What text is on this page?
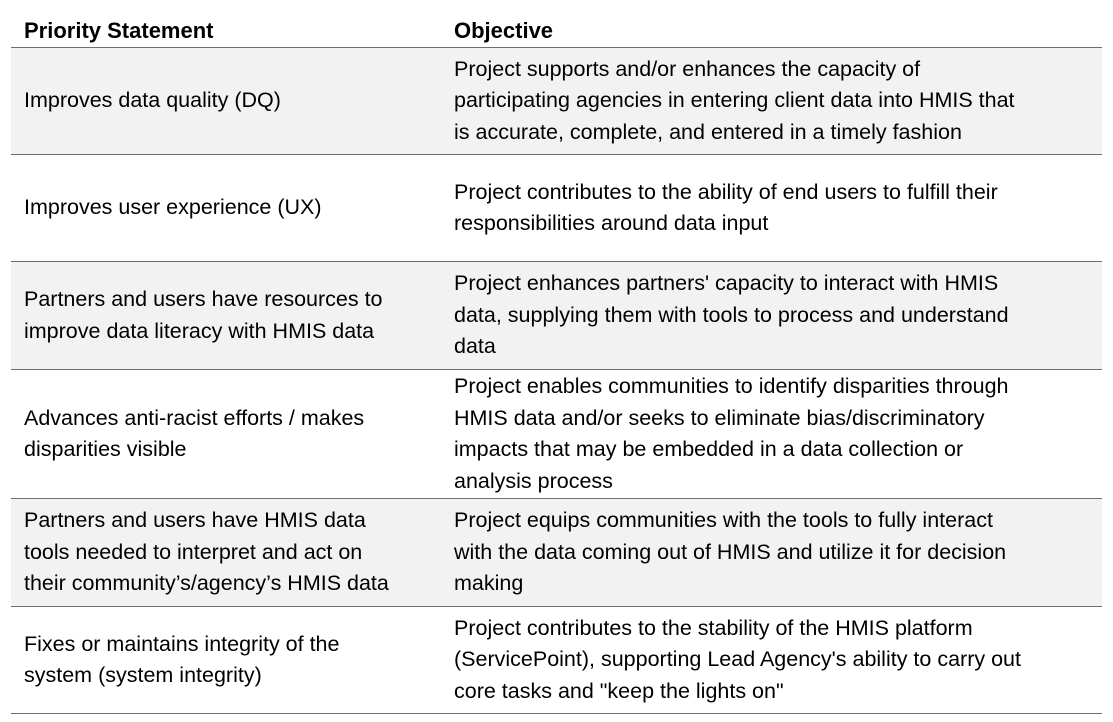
Priority Statement	Objective
Improves data quality (DQ)
Project supports and/or enhances the capacity of
participating agencies in entering client data into HMIS that
is accurate, complete, and entered in a timely fashion
Improves user experience (UX)
Project contributes to the ability of end users to fulfill their
responsibilities around data input
Partners and users have resources to
improve data literacy with HMIS data
Project enhances partners' capacity to interact with HMIS
data, supplying them with tools to process and understand
data
Advances anti-racist efforts / makes
disparities visible
Project enables communities to identify disparities through
HMIS data and/or seeks to eliminate bias/discriminatory
impacts that may be embedded in a data collection or
analysis process
Partners and users have HMIS data
tools needed to interpret and act on
their community’s/agency’s HMIS data
Project equips communities with the tools to fully interact
with the data coming out of HMIS and utilize it for decision
making
Fixes or maintains integrity of the
system (system integrity)
Project contributes to the stability of the HMIS platform
(ServicePoint), supporting Lead Agency's ability to carry out
core tasks and "keep the lights on"
